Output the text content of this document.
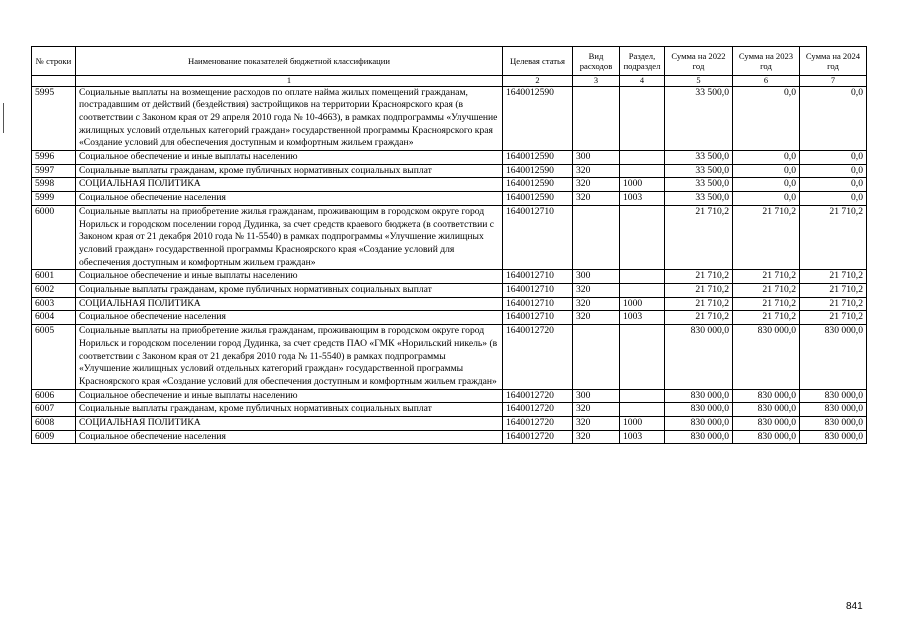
№ строки	Наименование показателей бюджетной классификации	Целевая статья	Вид расходов	Раздел, подраздел	Сумма на 2022 год	Сумма на 2023 год	Сумма на 2024 год
	1	2	3	4	5	6	7
5995	Социальные выплаты на возмещение расходов по оплате найма жилых помещений гражданам, пострадавшим от действий (бездействия) застройщиков на территории Красноярского края (в соответствии с Законом края от 29 апреля 2010 года № 10-4663), в рамках подпрограммы «Улучшение жилищных условий отдельных категорий граждан» государственной программы Красноярского края «Создание условий для обеспечения доступным и комфортным жильем граждан»	1640012590			33 500,0	0,0	0,0
5996	Социальное обеспечение и иные выплаты населению	1640012590	300		33 500,0	0,0	0,0
5997	Социальные выплаты гражданам, кроме публичных нормативных социальных выплат	1640012590	320		33 500,0	0,0	0,0
5998	СОЦИАЛЬНАЯ ПОЛИТИКА	1640012590	320	1000	33 500,0	0,0	0,0
5999	Социальное обеспечение населения	1640012590	320	1003	33 500,0	0,0	0,0
6000	Социальные выплаты на приобретение жилья гражданам, проживающим в городском округе город Норильск и городском поселении город Дудинка, за счет средств краевого бюджета (в соответствии с Законом края от 21 декабря 2010 года № 11-5540) в рамках подпрограммы «Улучшение жилищных условий граждан» государственной программы Красноярского края «Создание условий для обеспечения доступным и комфортным жильем граждан»	1640012710			21 710,2	21 710,2	21 710,2
6001	Социальное обеспечение и иные выплаты населению	1640012710	300		21 710,2	21 710,2	21 710,2
6002	Социальные выплаты гражданам, кроме публичных нормативных социальных выплат	1640012710	320		21 710,2	21 710,2	21 710,2
6003	СОЦИАЛЬНАЯ ПОЛИТИКА	1640012710	320	1000	21 710,2	21 710,2	21 710,2
6004	Социальное обеспечение населения	1640012710	320	1003	21 710,2	21 710,2	21 710,2
6005	Социальные выплаты на приобретение жилья гражданам, проживающим в городском округе город Норильск и городском поселении город Дудинка, за счет средств ПАО «ГМК «Норильский никель» (в соответствии с Законом края от 21 декабря 2010 года № 11-5540) в рамках подпрограммы «Улучшение жилищных условий отдельных категорий граждан» государственной программы Красноярского края «Создание условий для обеспечения доступным и комфортным жильем граждан»	1640012720			830 000,0	830 000,0	830 000,0
6006	Социальное обеспечение и иные выплаты населению	1640012720	300		830 000,0	830 000,0	830 000,0
6007	Социальные выплаты гражданам, кроме публичных нормативных социальных выплат	1640012720	320		830 000,0	830 000,0	830 000,0
6008	СОЦИАЛЬНАЯ ПОЛИТИКА	1640012720	320	1000	830 000,0	830 000,0	830 000,0
6009	Социальное обеспечение населения	1640012720	320	1003	830 000,0	830 000,0	830 000,0
841
